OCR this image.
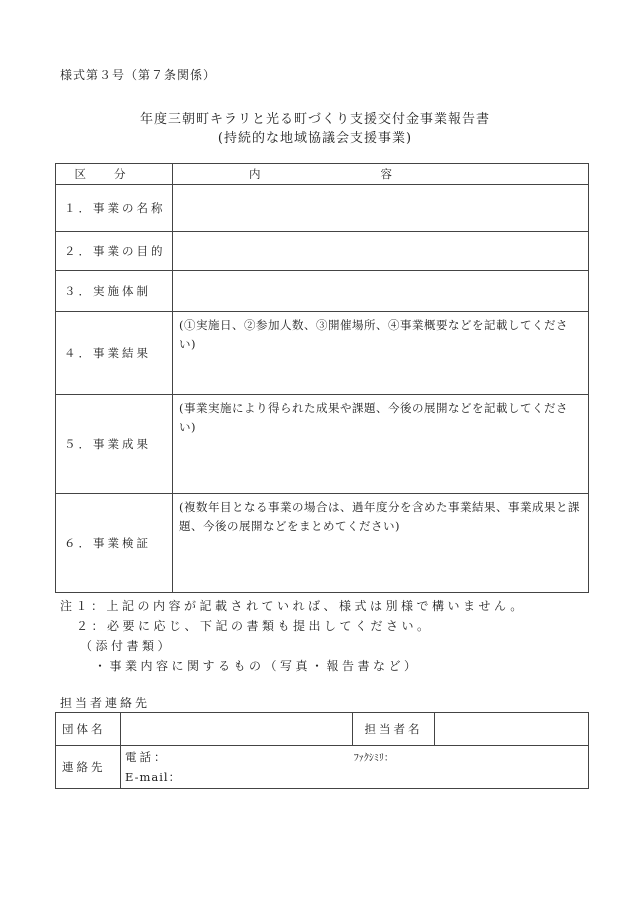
様式第３号（第７条関係）
年度三朝町キラリと光る町づくり支援交付金事業報告書
(持続的な地域協議会支援事業)
区分	内容
１．事業の名称	
２．事業の目的	
３．実施体制	
４．事業結果	(①実施日、②参加人数、③開催場所、④事業概要などを記載してください)
５．事業成果	(事業実施により得られた成果や課題、今後の展開などを記載してください)
６．事業検証	(複数年目となる事業の場合は、過年度分を含めた事業結果、事業成果と課題、今後の展開などをまとめてください)
注１：上記の内容が記載されていれば、様式は別様で構いません。
２：必要に応じ、下記の書類も提出してください。
（添付書類）
・事業内容に関するもの（写真・報告書など）
担当者連絡先
団体名		担当者名	
連絡先	電話： ﾌｧｸｼﾐﾘ：
E-mail：		
